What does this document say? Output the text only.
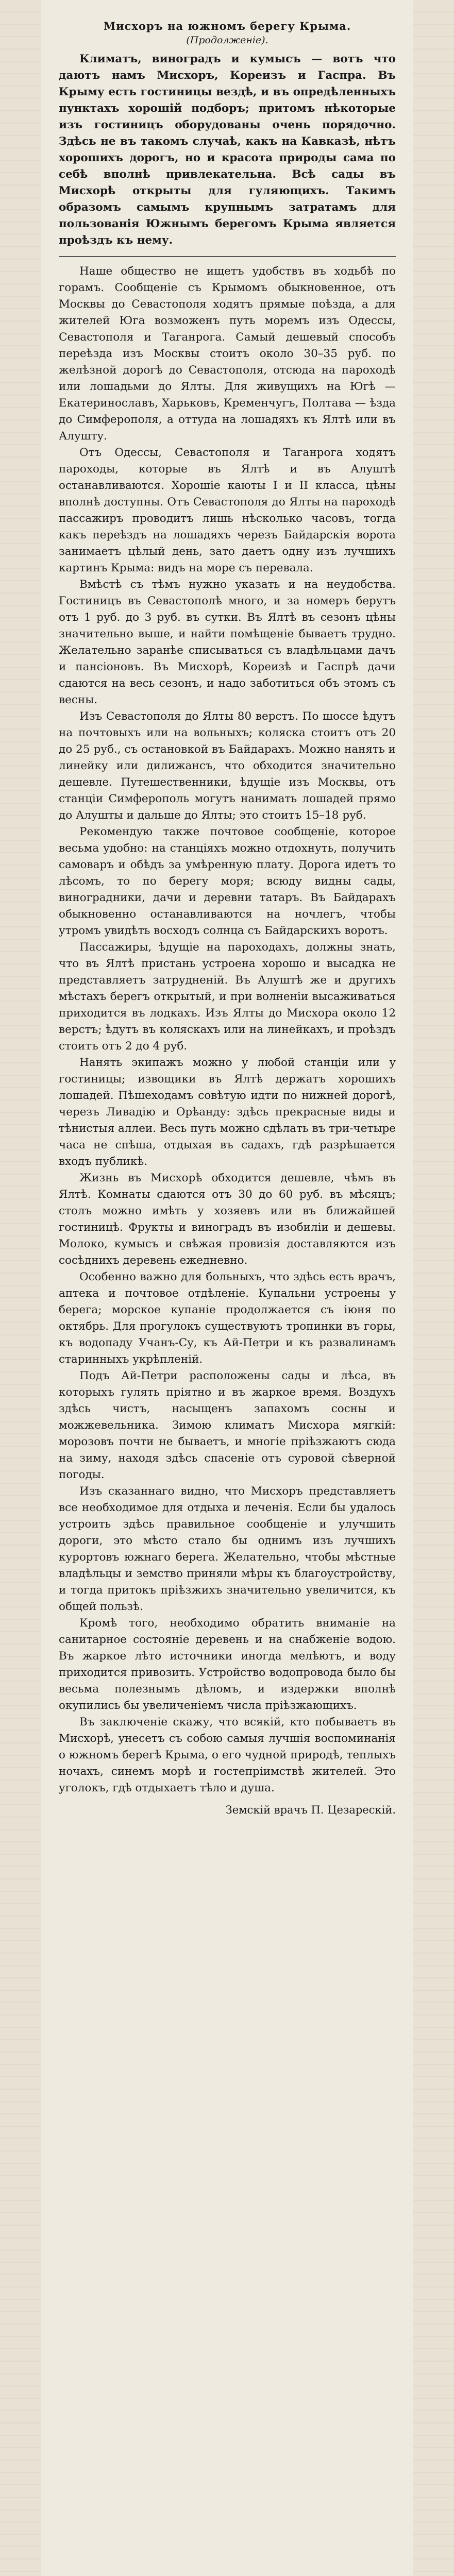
Мисхоръ на южномъ берегу Крыма.
(Продолженіе).

Климатъ, виноградъ и кумысъ — вотъ что даютъ намъ Мисхоръ, Кореизъ и Гаспра. Въ Крыму есть гостиницы вездѣ, и въ опредѣленныхъ пунктахъ хорошій подборъ; притомъ нѣкоторые изъ гостиницъ оборудованы очень порядочно. Здѣсь не въ такомъ случаѣ, какъ на Кавказѣ, нѣтъ хорошихъ дорогъ, но и красота природы сама по себѣ вполнѣ привлекательна. Всѣ сады въ Мисхорѣ открыты для гуляющихъ. Такимъ образомъ самымъ крупнымъ затратамъ для пользованія Южнымъ берегомъ Крыма является проѣздъ къ нему.

Наше общество не ищетъ удобствъ въ ходьбѣ по горамъ. Сообщеніе съ Крымомъ обыкновенное, отъ Москвы до Севастополя ходятъ прямые поѣзда, а для жителей Юга возможенъ путь моремъ изъ Одессы, Севастополя и Таганрога. Самый дешевый способъ переѣзда изъ Москвы стоитъ около 30–35 руб. по желѣзной дорогѣ до Севастополя, отсюда на пароходѣ или лошадьми до Ялты. Для живущихъ на Югѣ — Екатеринославъ, Харьковъ, Кременчугъ, Полтава — ѣзда до Симферополя, а оттуда на лошадяхъ къ Ялтѣ или въ Алушту.

Отъ Одессы, Севастополя и Таганрога ходятъ пароходы, которые въ Ялтѣ и въ Алуштѣ останавливаются. Хорошіе каюты I и II класса, цѣны вполнѣ доступны. Отъ Севастополя до Ялты на пароходѣ пассажиръ проводитъ лишь нѣсколько часовъ, тогда какъ переѣздъ на лошадяхъ черезъ Байдарскія ворота занимаетъ цѣлый день, зато даетъ одну изъ лучшихъ картинъ Крыма: видъ на море съ перевала.

Вмѣстѣ съ тѣмъ нужно указать и на неудобства. Гостиницъ въ Севастополѣ много, и за номеръ берутъ отъ 1 руб. до 3 руб. въ сутки. Въ Ялтѣ въ сезонъ цѣны значительно выше, и найти помѣщеніе бываетъ трудно. Желательно заранѣе списываться съ владѣльцами дачъ и пансіоновъ. Въ Мисхорѣ, Кореизѣ и Гаспрѣ дачи сдаются на весь сезонъ, и надо заботиться объ этомъ съ весны.

Изъ Севастополя до Ялты 80 верстъ. По шоссе ѣдутъ на почтовыхъ или на вольныхъ; коляска стоитъ отъ 20 до 25 руб., съ остановкой въ Байдарахъ. Можно нанять и линейку или дилижансъ, что обходится значительно дешевле. Путешественники, ѣдущіе изъ Москвы, отъ станціи Симферополь могутъ нанимать лошадей прямо до Алушты и дальше до Ялты; это стоитъ 15–18 руб.

Рекомендую также почтовое сообщеніе, которое весьма удобно: на станціяхъ можно отдохнуть, получить самоваръ и обѣдъ за умѣренную плату. Дорога идетъ то лѣсомъ, то по берегу моря; всюду видны сады, виноградники, дачи и деревни татаръ. Въ Байдарахъ обыкновенно останавливаются на ночлегъ, чтобы утромъ увидѣть восходъ солнца съ Байдарскихъ воротъ.

Пассажиры, ѣдущіе на пароходахъ, должны знать, что въ Ялтѣ пристань устроена хорошо и высадка не представляетъ затрудненій. Въ Алуштѣ же и другихъ мѣстахъ берегъ открытый, и при волненіи высаживаться приходится въ лодкахъ. Изъ Ялты до Мисхора около 12 верстъ; ѣдутъ въ коляскахъ или на линейкахъ, и проѣздъ стоитъ отъ 2 до 4 руб.

Нанять экипажъ можно у любой станціи или у гостиницы; извощики въ Ялтѣ держатъ хорошихъ лошадей. Пѣшеходамъ совѣтую идти по нижней дорогѣ, черезъ Ливадію и Орѣанду: здѣсь прекрасные виды и тѣнистыя аллеи. Весь путь можно сдѣлать въ три-четыре часа не спѣша, отдыхая въ садахъ, гдѣ разрѣшается входъ публикѣ.

Жизнь въ Мисхорѣ обходится дешевле, чѣмъ въ Ялтѣ. Комнаты сдаются отъ 30 до 60 руб. въ мѣсяцъ; столъ можно имѣть у хозяевъ или въ ближайшей гостиницѣ. Фрукты и виноградъ въ изобиліи и дешевы. Молоко, кумысъ и свѣжая провизія доставляются изъ сосѣднихъ деревень ежедневно.

Особенно важно для больныхъ, что здѣсь есть врачъ, аптека и почтовое отдѣленіе. Купальни устроены у берега; морское купаніе продолжается съ іюня по октябрь. Для прогулокъ существуютъ тропинки въ горы, къ водопаду Учанъ-Су, къ Ай-Петри и къ развалинамъ старинныхъ укрѣпленій.

Подъ Ай-Петри расположены сады и лѣса, въ которыхъ гулять пріятно и въ жаркое время. Воздухъ здѣсь чистъ, насыщенъ запахомъ сосны и можжевельника. Зимою климатъ Мисхора мягкій: морозовъ почти не бываетъ, и многіе пріѣзжаютъ сюда на зиму, находя здѣсь спасеніе отъ суровой сѣверной погоды.

Изъ сказаннаго видно, что Мисхоръ представляетъ все необходимое для отдыха и леченія. Если бы удалось устроить здѣсь правильное сообщеніе и улучшить дороги, это мѣсто стало бы однимъ изъ лучшихъ курортовъ южнаго берега. Желательно, чтобы мѣстные владѣльцы и земство приняли мѣры къ благоустройству, и тогда притокъ пріѣзжихъ значительно увеличится, къ общей пользѣ.

Кромѣ того, необходимо обратить вниманіе на санитарное состояніе деревень и на снабженіе водою. Въ жаркое лѣто источники иногда мелѣютъ, и воду приходится привозить. Устройство водопровода было бы весьма полезнымъ дѣломъ, и издержки вполнѣ окупились бы увеличеніемъ числа пріѣзжающихъ.

Въ заключеніе скажу, что всякій, кто побываетъ въ Мисхорѣ, унесетъ съ собою самыя лучшія воспоминанія о южномъ берегѣ Крыма, о его чудной природѣ, теплыхъ ночахъ, синемъ морѣ и гостепріимствѣ жителей. Это уголокъ, гдѣ отдыхаетъ тѣло и душа.

Земскій врачъ П. Цезарескій.
